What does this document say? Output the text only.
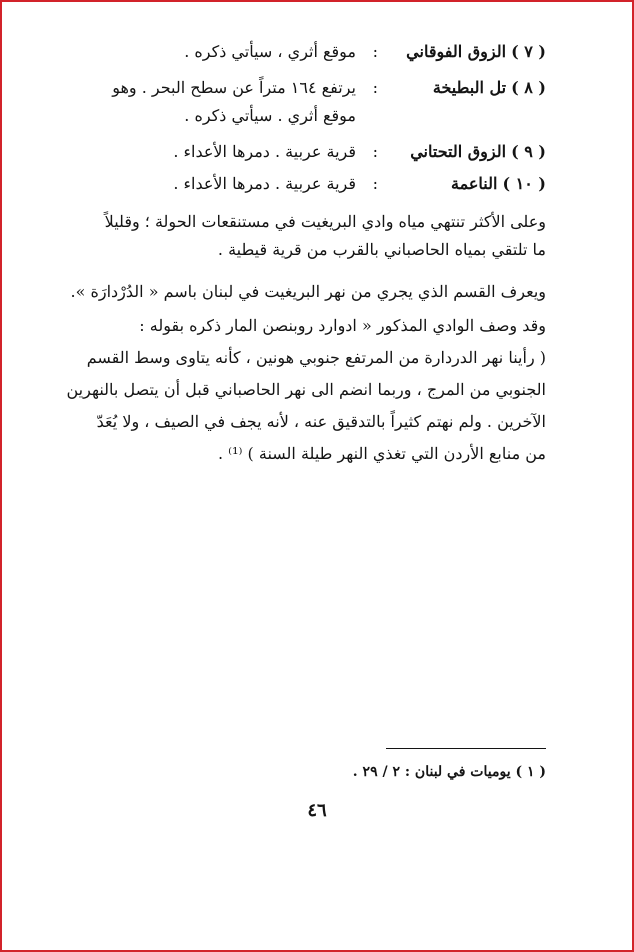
( ٧ ) الزوق الفوقاني
:
موقع أثري ، سيأتي ذكره .
( ٨ ) تل البطيخة
:
يرتفع ١٦٤ متراً عن سطح البحر . وهو
موقع أثري . سيأتي ذكره .
( ٩ ) الزوق التحتاني
:
قرية عربية . دمرها الأعداء .
( ١٠ ) الناعمة
:
قرية عربية . دمرها الأعداء .
وعلى الأكثر تنتهي مياه وادي البريغيت في مستنقعات الحولة ؛ وقليلاً
ما تلتقي بمياه الحاصباني بالقرب من قرية قيطية .
ويعرف القسم الذي يجري من نهر البريغيت في لبنان باسم « الدُرْدارَة ».
وقد وصف الوادي المذكور « ادوارد روبنصن المار ذكره بقوله :
( رأينا نهر الدردارة من المرتفع جنوبي هونين ، كأنه يتاوى وسط القسم
الجنوبي من المرج ، وربما انضم الى نهر الحاصباني قبل أن يتصل بالنهرين
الآخرين . ولم نهتم كثيراً بالتدقيق عنه ، لأنه يجف في الصيف ، ولا يُعَدّ
من منابع الأردن التي تغذي النهر طيلة السنة ) ⁽¹⁾ .
( ١ ) يوميات في لبنان : ٢ / ٢٩ .
٤٦
